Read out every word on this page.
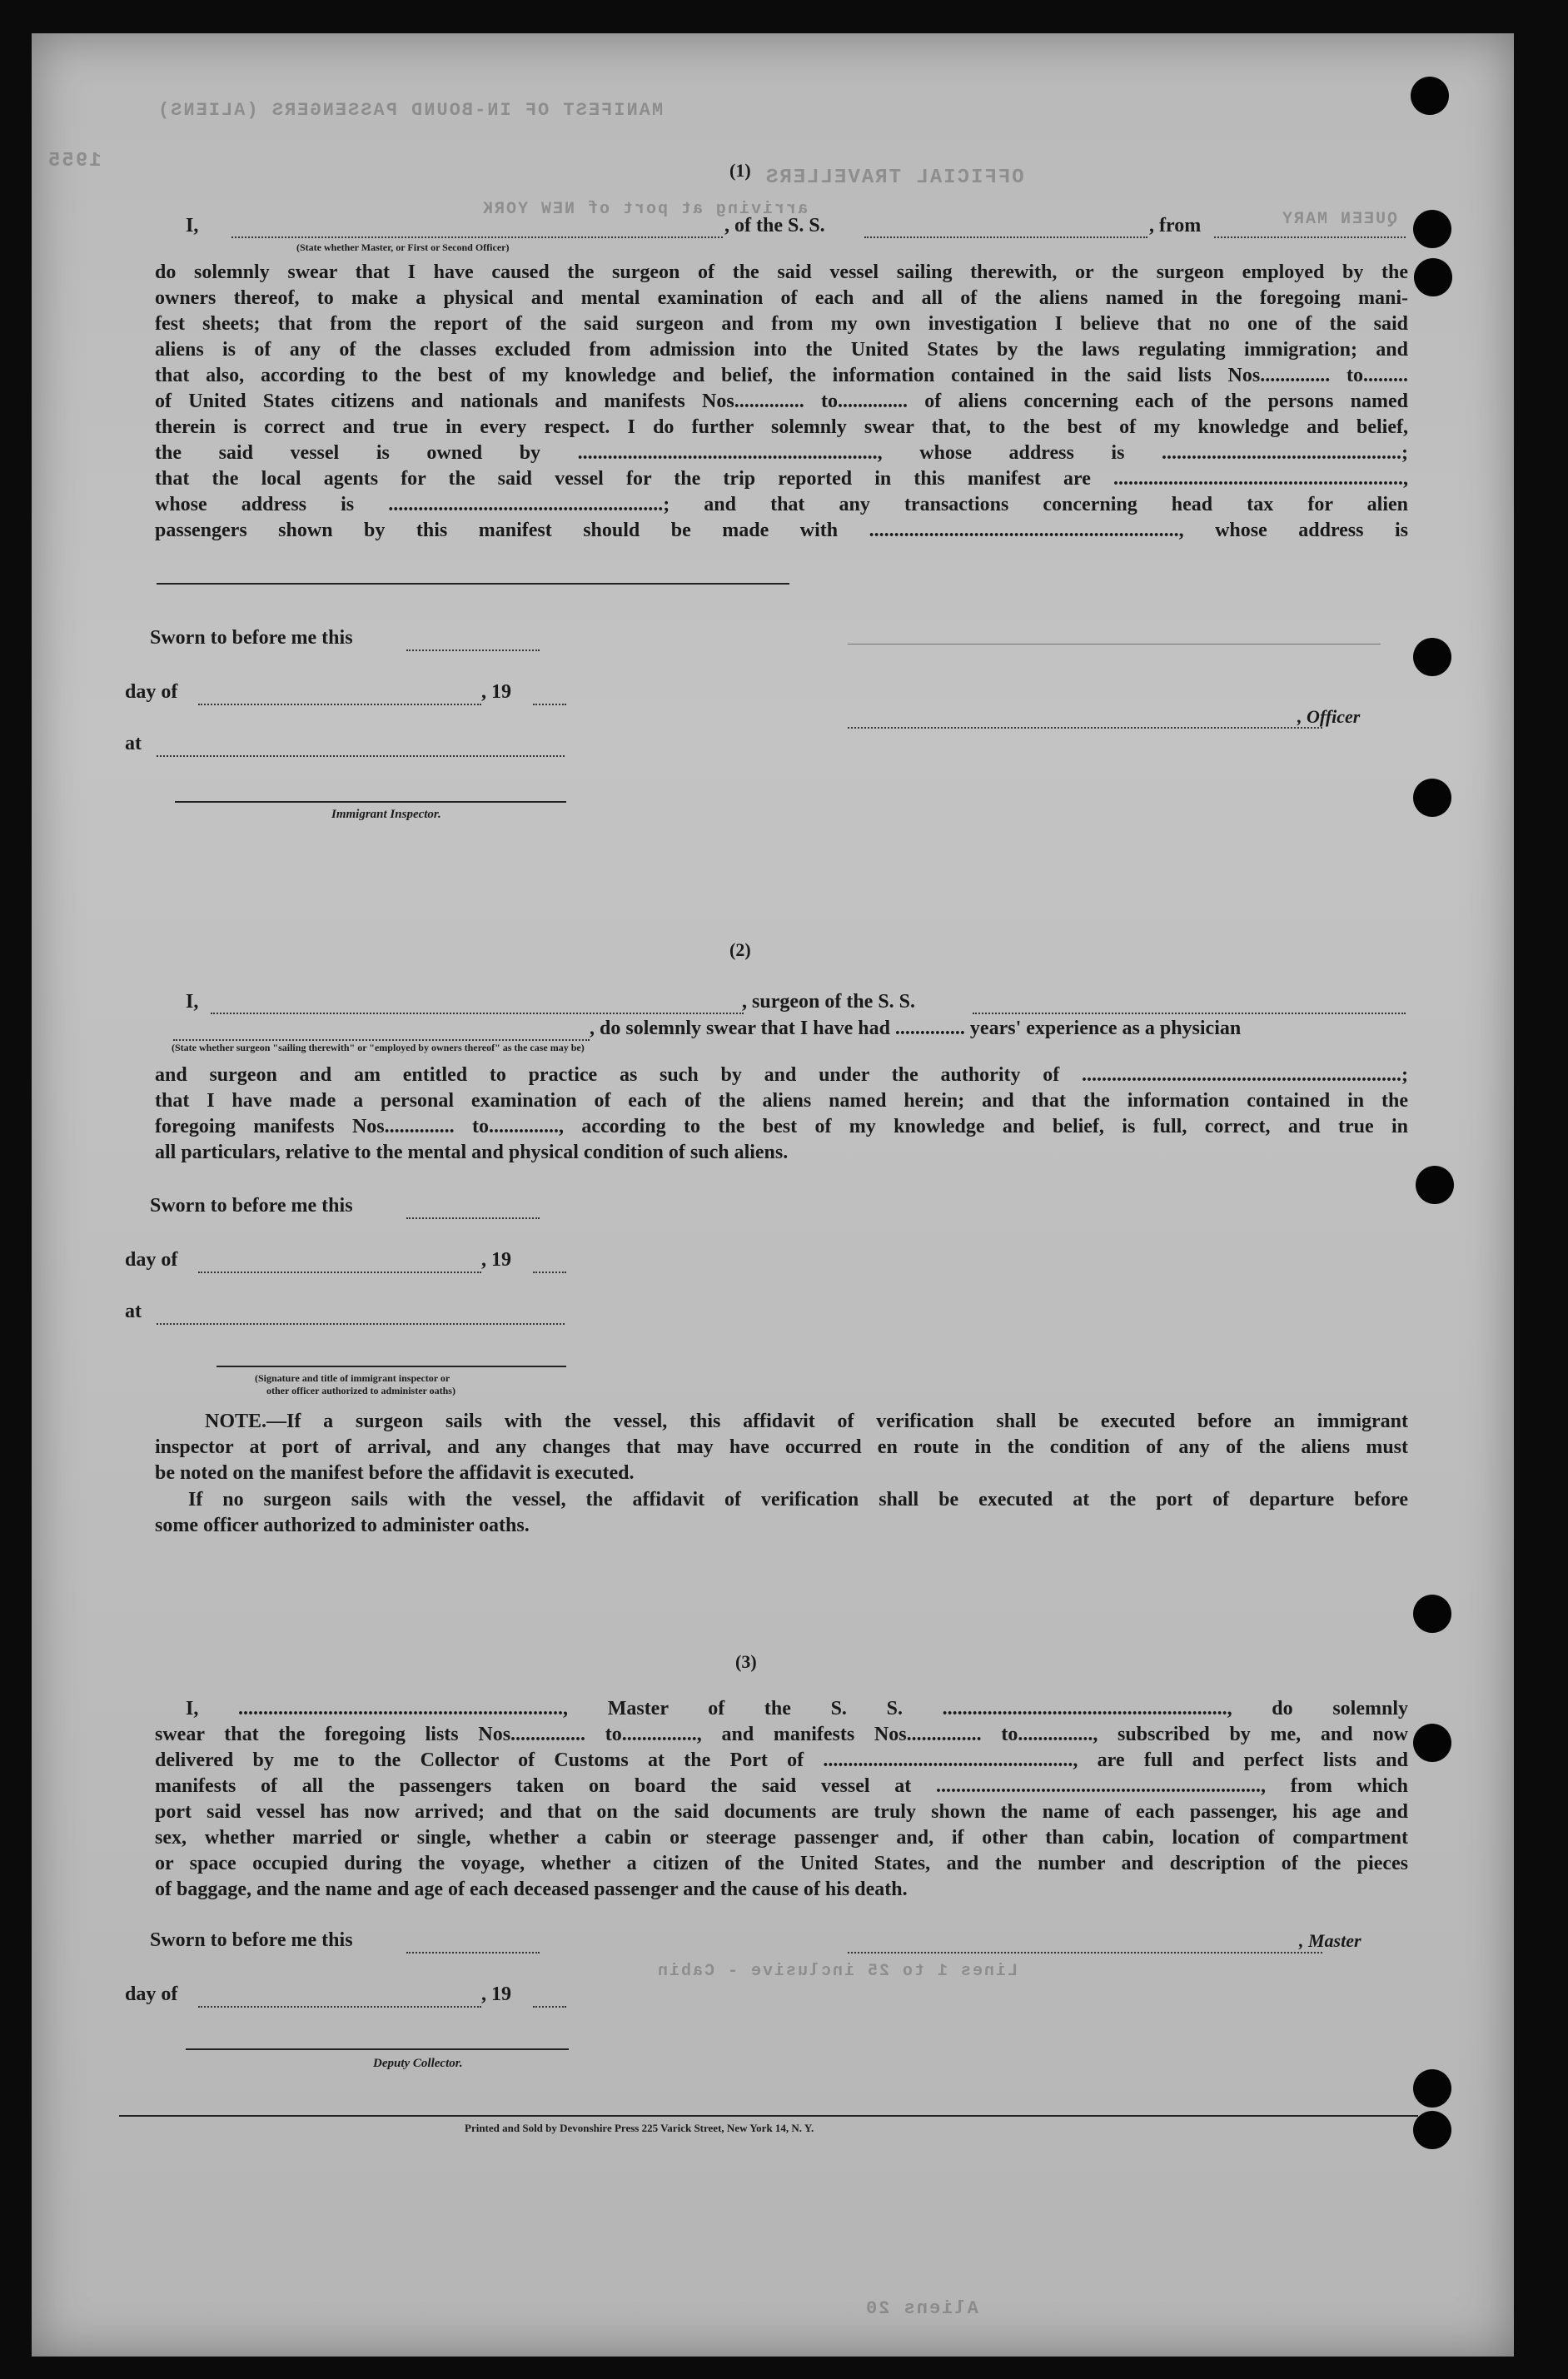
MANIFEST OF IN-BOUND PASSENGERS (ALIENS)
1955
arriving at port of NEW YORK
OFFICIAL TRAVELLERS
QUEEN MARY
Lines 1 to 25 inclusive - Cabin
Aliens 20
(1)
I,	, of the S. S.	, from
(State whether Master, or First or Second Officer)
do solemnly swear that I have caused the surgeon of the said vessel sailing therewith, or the surgeon employed by the
owners thereof, to make a physical and mental examination of each and all of the aliens named in the foregoing mani-
fest sheets; that from the report of the said surgeon and from my own investigation I believe that no one of the said
aliens is of any of the classes excluded from admission into the United States by the laws regulating immigration; and
that also, according to the best of my knowledge and belief, the information contained in the said lists Nos.............. to.........
of United States citizens and nationals and manifests Nos.............. to.............. of aliens concerning each of the persons named
therein is correct and true in every respect. I do further solemnly swear that, to the best of my knowledge and belief,
the said vessel is owned by ............................................................, whose address is ................................................;
that the local agents for the said vessel for the trip reported in this manifest are ..........................................................,
whose address is .......................................................; and that any transactions concerning head tax for alien
passengers shown by this manifest should be made with .............................................................., whose address is
Sworn to before me this
day of	, 19
at
Immigrant Inspector.
, Officer
(2)
I,	, surgeon of the S. S.
, do solemnly swear that I have had .............. years' experience as a physician
(State whether surgeon "sailing therewith" or "employed by owners thereof" as the case may be)
and surgeon and am entitled to practice as such by and under the authority of ................................................................;
that I have made a personal examination of each of the aliens named herein; and that the information contained in the
foregoing manifests Nos.............. to.............., according to the best of my knowledge and belief, is full, correct, and true in
all particulars, relative to the mental and physical condition of such aliens.
Sworn to before me this
day of	, 19
at
(Signature and title of immigrant inspector or
other officer authorized to administer oaths)
NOTE.—If a surgeon sails with the vessel, this affidavit of verification shall be executed before an immigrant
inspector at port of arrival, and any changes that may have occurred en route in the condition of any of the aliens must
be noted on the manifest before the affidavit is executed.
If no surgeon sails with the vessel, the affidavit of verification shall be executed at the port of departure before
some officer authorized to administer oaths.
(3)
I, ................................................................., Master of the S. S. ........................................................., do solemnly
swear that the foregoing lists Nos............... to..............., and manifests Nos............... to..............., subscribed by me, and now
delivered by me to the Collector of Customs at the Port of .................................................., are full and perfect lists and
manifests of all the passengers taken on board the said vessel at ................................................................., from which
port said vessel has now arrived; and that on the said documents are truly shown the name of each passenger, his age and
sex, whether married or single, whether a cabin or steerage passenger and, if other than cabin, location of compartment
or space occupied during the voyage, whether a citizen of the United States, and the number and description of the pieces
of baggage, and the name and age of each deceased passenger and the cause of his death.
Sworn to before me this	, Master
day of	, 19
Deputy Collector.
Printed and Sold by Devonshire Press 225 Varick Street, New York 14, N. Y.
